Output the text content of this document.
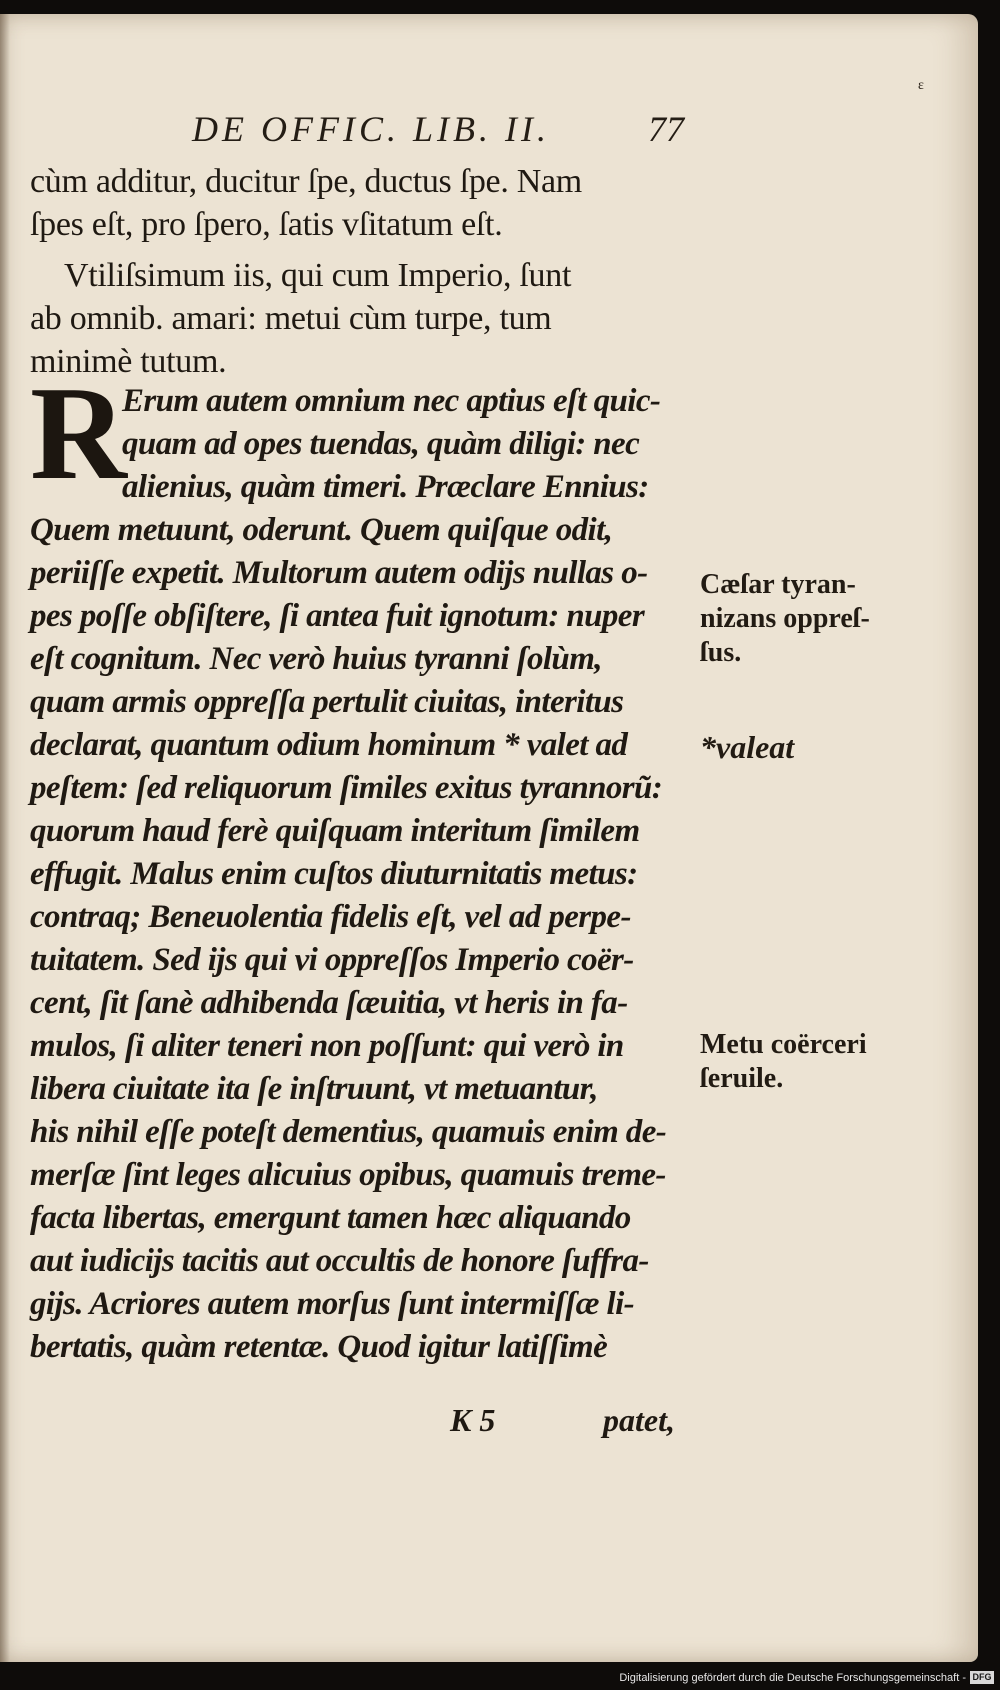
ɛ
DE OFFIC. LIB. II.	77
cùm additur, ducitur ſpe, ductus ſpe. Nam
ſpes eſt, pro ſpero, ſatis vſitatum eſt.
Vtiliſsimum iis, qui cum Imperio, ſunt
ab omnib. amari: metui cùm turpe, tum
minimè tutum.
R
Erum autem omnium nec aptius eſt quic-
quam ad opes tuendas, quàm diligi: nec
alienius, quàm timeri. Præclare Ennius:
Quem metuunt, oderunt. Quem quiſque odit,
periiſſe expetit. Multorum autem odijs nullas o-
pes poſſe obſiſtere, ſi antea fuit ignotum: nuper
eſt cognitum. Nec verò huius tyranni ſolùm,
quam armis oppreſſa pertulit ciuitas, interitus
declarat, quantum odium hominum * valet ad
peſtem: ſed reliquorum ſimiles exitus tyrannorũ:
quorum haud ferè quiſquam interitum ſimilem
effugit. Malus enim cuſtos diuturnitatis metus:
contraq; Beneuolentia fidelis eſt, vel ad perpe-
tuitatem. Sed ijs qui vi oppreſſos Imperio coër-
cent, ſit ſanè adhibenda ſæuitia, vt heris in fa-
mulos, ſi aliter teneri non poſſunt: qui verò in
libera ciuitate ita ſe inſtruunt, vt metuantur,
his nihil eſſe poteſt dementius, quamuis enim de-
merſæ ſint leges alicuius opibus, quamuis treme-
facta libertas, emergunt tamen hæc aliquando
aut iudicijs tacitis aut occultis de honore ſuffra-
gijs. Acriores autem morſus ſunt intermiſſæ li-
bertatis, quàm retentæ. Quod igitur latiſſimè
K 5	patet,
Cæſar tyran-
nizans oppreſ-
ſus.
*valeat
Metu coërceri
ſeruile.
Digitalisierung gefördert durch die Deutsche Forschungsgemeinschaft - DFG
